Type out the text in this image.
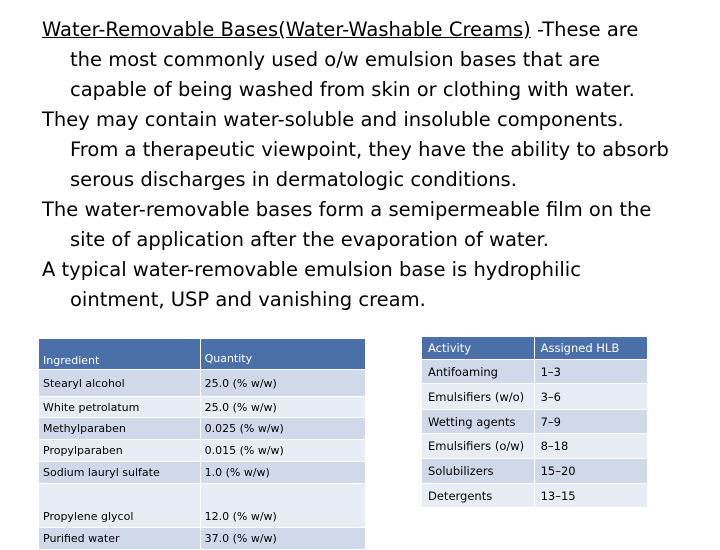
Water-Removable Bases(Water-Washable Creams) -These are
the most commonly used o/w emulsion bases that are
capable of being washed from skin or clothing with water.
They may contain water-soluble and insoluble components.
From a therapeutic viewpoint, they have the ability to absorb
serous discharges in dermatologic conditions.
The water-removable bases form a semipermeable film on the
site of application after the evaporation of water.
A typical water-removable emulsion base is hydrophilic
ointment, USP and vanishing cream.
Ingredient	Quantity
Stearyl alcohol	25.0 (% w/w)
White petrolatum	25.0 (% w/w)
Methylparaben	0.025 (% w/w)
Propylparaben	0.015 (% w/w)
Sodium lauryl sulfate	1.0 (% w/w)
Propylene glycol	12.0 (% w/w)
Purified water	37.0 (% w/w)
Activity	Assigned HLB
Antifoaming	1–3
Emulsifiers (w/o)	3–6
Wetting agents	7–9
Emulsifiers (o/w)	8–18
Solubilizers	15–20
Detergents	13–15
